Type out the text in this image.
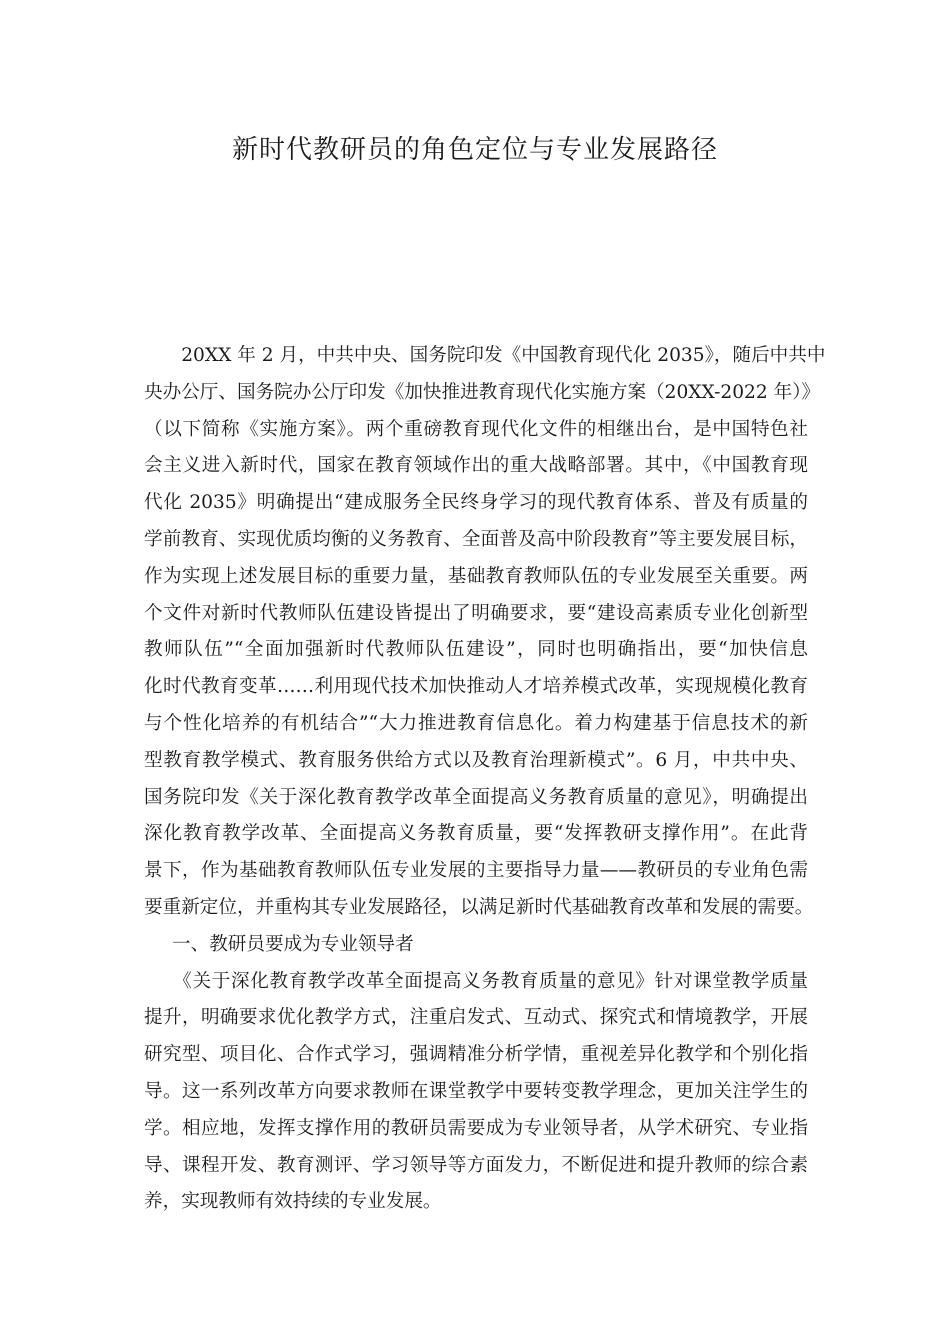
新时代教研员的角色定位与专业发展路径
　　20XX 年 2 月，中共中央、国务院印发《中国教育现代化 2035》，随后中共中
央办公厅、国务院办公厅印发《加快推进教育现代化实施方案（20XX-2022 年）》
（以下简称《实施方案》。两个重磅教育现代化文件的相继出台，是中国特色社
会主义进入新时代，国家在教育领域作出的重大战略部署。其中，《中国教育现
代化 2035》明确提出“建成服务全民终身学习的现代教育体系、普及有质量的
学前教育、实现优质均衡的义务教育、全面普及高中阶段教育”等主要发展目标，
作为实现上述发展目标的重要力量，基础教育教师队伍的专业发展至关重要。两
个文件对新时代教师队伍建设皆提出了明确要求，要“建设高素质专业化创新型
教师队伍”“全面加强新时代教师队伍建设”，同时也明确指出，要“加快信息
化时代教育变革……利用现代技术加快推动人才培养模式改革，实现规模化教育
与个性化培养的有机结合”“大力推进教育信息化。着力构建基于信息技术的新
型教育教学模式、教育服务供给方式以及教育治理新模式”。6 月，中共中央、
国务院印发《关于深化教育教学改革全面提高义务教育质量的意见》，明确提出
深化教育教学改革、全面提高义务教育质量，要“发挥教研支撑作用”。在此背
景下，作为基础教育教师队伍专业发展的主要指导力量——教研员的专业角色需
要重新定位，并重构其专业发展路径，以满足新时代基础教育改革和发展的需要。
一、教研员要成为专业领导者
　　《关于深化教育教学改革全面提高义务教育质量的意见》针对课堂教学质量
提升，明确要求优化教学方式，注重启发式、互动式、探究式和情境教学，开展
研究型、项目化、合作式学习，强调精准分析学情，重视差异化教学和个别化指
导。这一系列改革方向要求教师在课堂教学中要转变教学理念，更加关注学生的
学。相应地，发挥支撑作用的教研员需要成为专业领导者，从学术研究、专业指
导、课程开发、教育测评、学习领导等方面发力，不断促进和提升教师的综合素
养，实现教师有效持续的专业发展。
